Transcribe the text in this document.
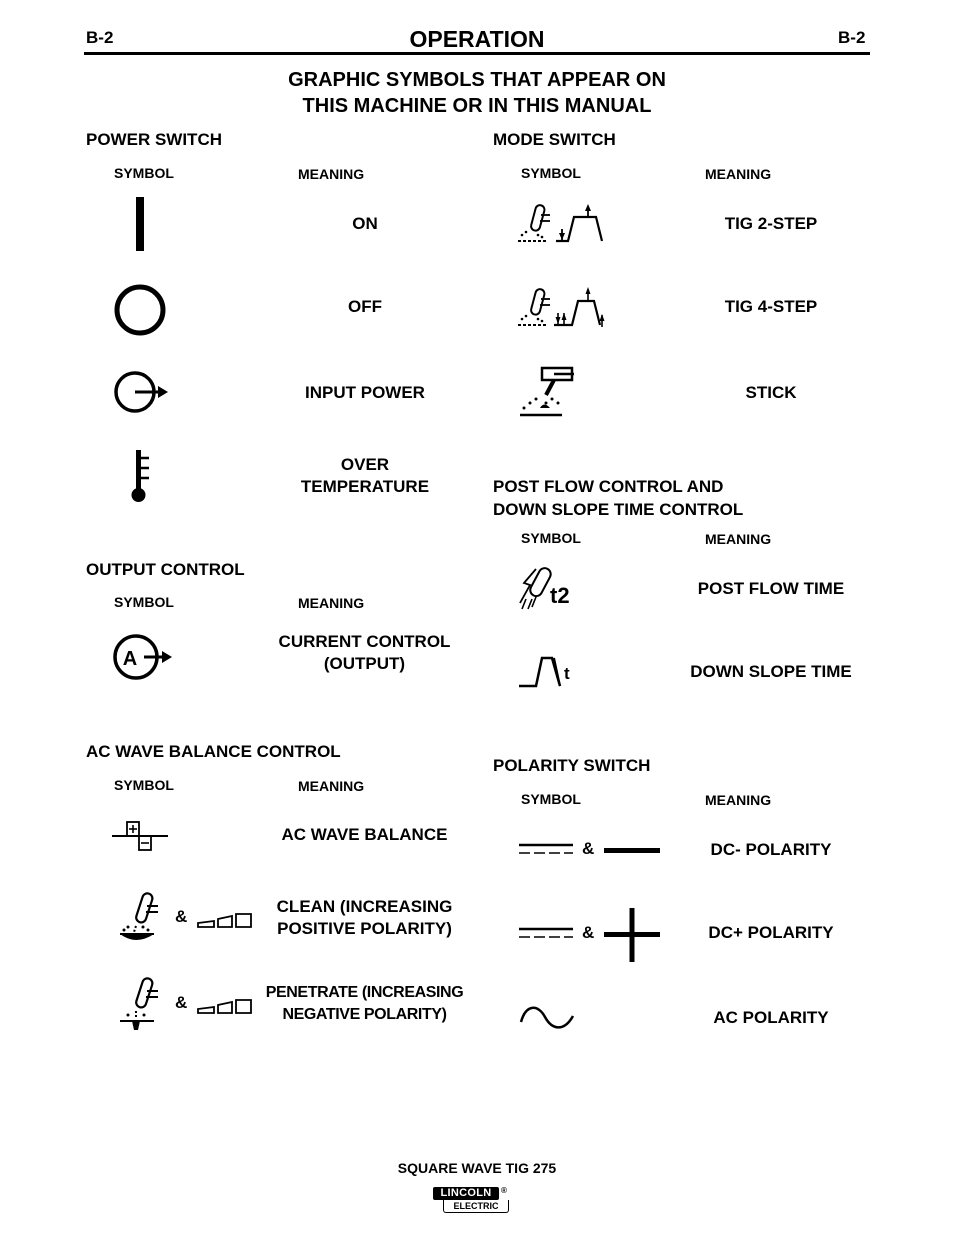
B-2	OPERATION	B-2
GRAPHIC SYMBOLS THAT APPEAR ON
THIS MACHINE OR IN THIS MANUAL
POWER SWITCH
SYMBOL	MEANING
ON
OFF
INPUT POWER
OVER
TEMPERATURE
OUTPUT CONTROL
SYMBOL	MEANING
A
CURRENT CONTROL
(OUTPUT)
AC WAVE BALANCE CONTROL
SYMBOL	MEANING
AC WAVE BALANCE
&
CLEAN (INCREASING
POSITIVE POLARITY)
&
PENETRATE (INCREASING
NEGATIVE POLARITY)
MODE SWITCH
SYMBOL	MEANING
TIG 2-STEP
TIG 4-STEP
STICK
POST FLOW CONTROL AND
DOWN SLOPE TIME CONTROL
SYMBOL	MEANING
t2	POST FLOW TIME
t	DOWN SLOPE TIME
POLARITY SWITCH
SYMBOL	MEANING
&	DC- POLARITY
&	DC+ POLARITY
AC POLARITY
SQUARE WAVE TIG 275
LINCOLN
ELECTRIC
®
